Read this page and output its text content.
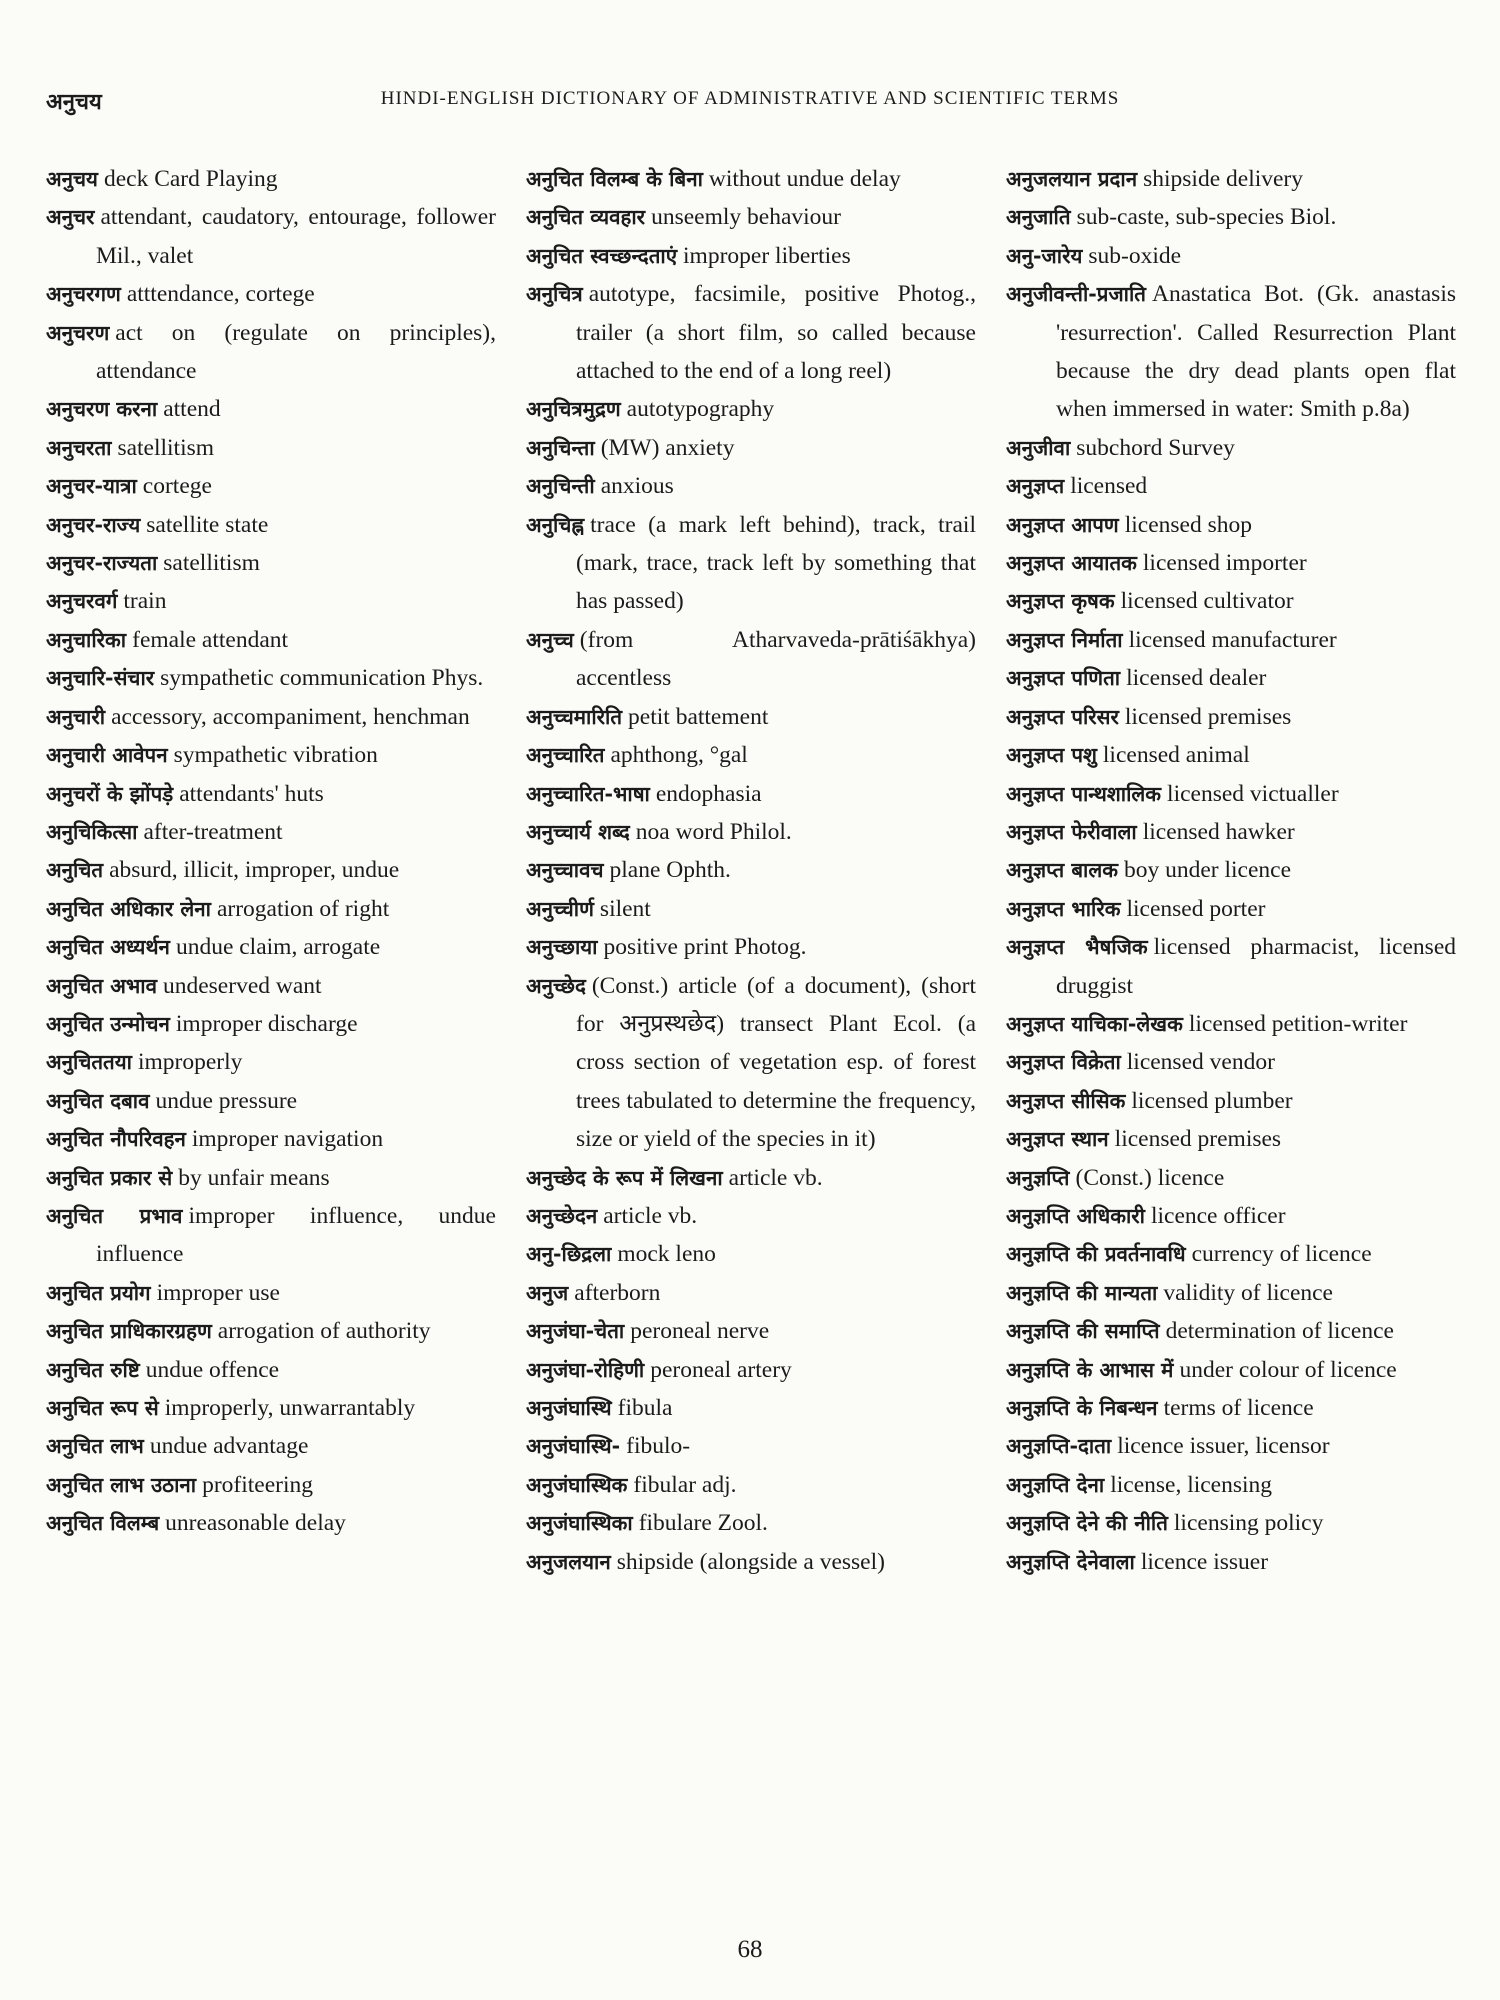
अनुचय	HINDI-ENGLISH DICTIONARY OF ADMINISTRATIVE AND SCIENTIFIC TERMS
अनुचय deck Card Playing
अनुचर attendant, caudatory, entourage, follower Mil., valet
अनुचरगण atttendance, cortege
अनुचरण act on (regulate on principles), attendance
अनुचरण करना attend
अनुचरता satellitism
अनुचर-यात्रा cortege
अनुचर-राज्य satellite state
अनुचर-राज्यता satellitism
अनुचरवर्ग train
अनुचारिका female attendant
अनुचारि-संचार sympathetic communication Phys.
अनुचारी accessory, accompaniment, henchman
अनुचारी आवेपन sympathetic vibration
अनुचरों के झोंपड़े attendants' huts
अनुचिकित्सा after-treatment
अनुचित absurd, illicit, improper, undue
अनुचित अधिकार लेना arrogation of right
अनुचित अध्यर्थन undue claim, arrogate
अनुचित अभाव undeserved want
अनुचित उन्मोचन improper discharge
अनुचिततया improperly
अनुचित दबाव undue pressure
अनुचित नौपरिवहन improper navigation
अनुचित प्रकार से by unfair means
अनुचित प्रभाव improper influence, undue influence
अनुचित प्रयोग improper use
अनुचित प्राधिकारग्रहण arrogation of authority
अनुचित रुष्टि undue offence
अनुचित रूप से improperly, unwarrantably
अनुचित लाभ undue advantage
अनुचित लाभ उठाना profiteering
अनुचित विलम्ब unreasonable delay
अनुचित विलम्ब के बिना without undue delay
अनुचित व्यवहार unseemly behaviour
अनुचित स्वच्छन्दताएं improper liberties
अनुचित्र autotype, facsimile, positive Photog., trailer (a short film, so called because attached to the end of a long reel)
अनुचित्रमुद्रण autotypography
अनुचिन्ता (MW) anxiety
अनुचिन्ती anxious
अनुचिह्न trace (a mark left behind), track, trail (mark, trace, track left by something that has passed)
अनुच्च (from Atharvaveda-prātiśākhya) accentless
अनुच्चमारिति petit battement
अनुच्चारित aphthong, °gal
अनुच्चारित-भाषा endophasia
अनुच्चार्य शब्द noa word Philol.
अनुच्चावच plane Ophth.
अनुच्चीर्ण silent
अनुच्छाया positive print Photog.
अनुच्छेद (Const.) article (of a document), (short for अनुप्रस्थछेद) transect Plant Ecol. (a cross section of vegetation esp. of forest trees tabulated to determine the frequency, size or yield of the species in it)
अनुच्छेद के रूप में लिखना article vb.
अनुच्छेदन article vb.
अनु-छिद्रला mock leno
अनुज afterborn
अनुजंघा-चेता peroneal nerve
अनुजंघा-रोहिणी peroneal artery
अनुजंघास्थि fibula
अनुजंघास्थि- fibulo-
अनुजंघास्थिक fibular adj.
अनुजंघास्थिका fibulare Zool.
अनुजलयान shipside (alongside a vessel)
अनुजलयान प्रदान shipside delivery
अनुजाति sub-caste, sub-species Biol.
अनु-जारेय sub-oxide
अनुजीवन्ती-प्रजाति Anastatica Bot. (Gk. anastasis 'resurrection'. Called Resurrection Plant because the dry dead plants open flat when immersed in water: Smith p.8a)
अनुजीवा subchord Survey
अनुज्ञप्त licensed
अनुज्ञप्त आपण licensed shop
अनुज्ञप्त आयातक licensed importer
अनुज्ञप्त कृषक licensed cultivator
अनुज्ञप्त निर्माता licensed manufacturer
अनुज्ञप्त पणिता licensed dealer
अनुज्ञप्त परिसर licensed premises
अनुज्ञप्त पशु licensed animal
अनुज्ञप्त पान्थशालिक licensed victualler
अनुज्ञप्त फेरीवाला licensed hawker
अनुज्ञप्त बालक boy under licence
अनुज्ञप्त भारिक licensed porter
अनुज्ञप्त भैषजिक licensed pharmacist, licensed druggist
अनुज्ञप्त याचिका-लेखक licensed petition-writer
अनुज्ञप्त विक्रेता licensed vendor
अनुज्ञप्त सीसिक licensed plumber
अनुज्ञप्त स्थान licensed premises
अनुज्ञप्ति (Const.) licence
अनुज्ञप्ति अधिकारी licence officer
अनुज्ञप्ति की प्रवर्तनावधि currency of licence
अनुज्ञप्ति की मान्यता validity of licence
अनुज्ञप्ति की समाप्ति determination of licence
अनुज्ञप्ति के आभास में under colour of licence
अनुज्ञप्ति के निबन्धन terms of licence
अनुज्ञप्ति-दाता licence issuer, licensor
अनुज्ञप्ति देना license, licensing
अनुज्ञप्ति देने की नीति licensing policy
अनुज्ञप्ति देनेवाला licence issuer
68
